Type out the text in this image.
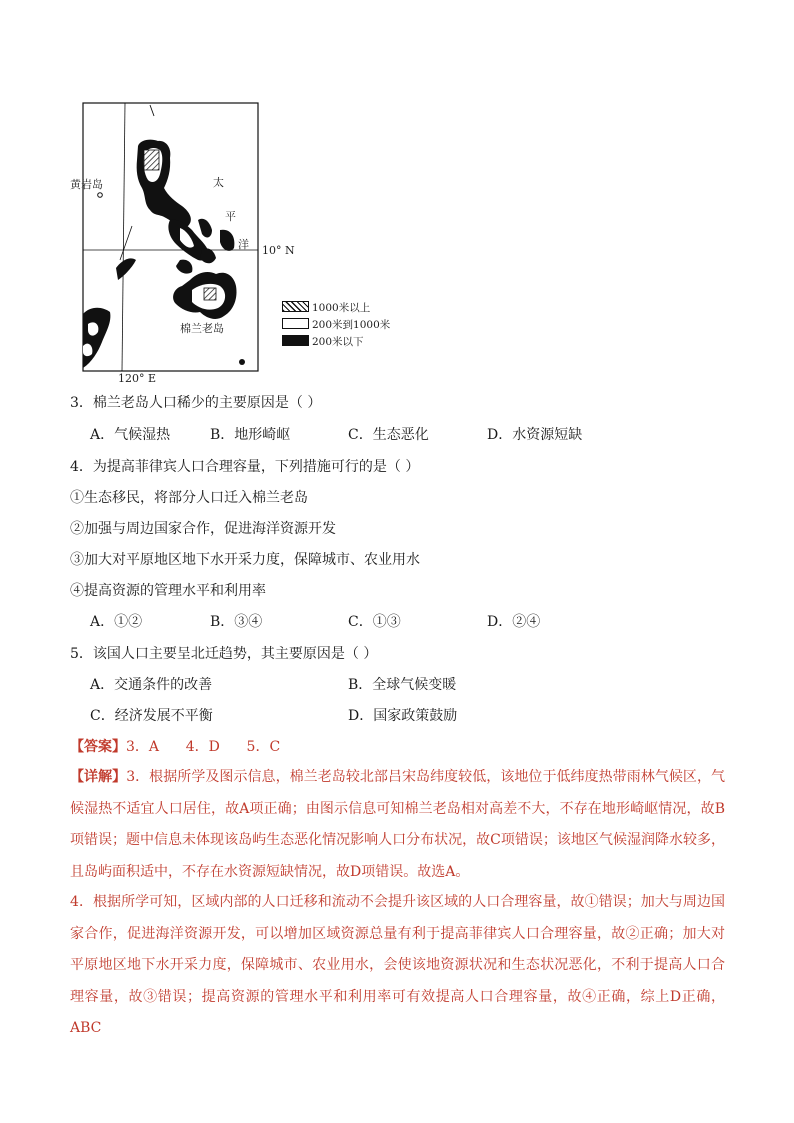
黄岩岛	太
平
洋 10° N
棉兰老岛
120° E
1000米以上
200米到1000米
200米以下
3．棉兰老岛人口稀少的主要原因是（ ）
A．气候湿热	B．地形崎岖	C．生态恶化	D．水资源短缺
4．为提高菲律宾人口合理容量，下列措施可行的是（ ）
①生态移民，将部分人口迁入棉兰老岛
②加强与周边国家合作，促进海洋资源开发
③加大对平原地区地下水开采力度，保障城市、农业用水
④提高资源的管理水平和利用率
A．①②	B．③④	C．①③	D．②④
5．该国人口主要呈北迁趋势，其主要原因是（ ）
A．交通条件的改善	B．全球气候变暖
C．经济发展不平衡	D．国家政策鼓励
【答案】3．A      4．D      5．C
【详解】3．根据所学及图示信息，棉兰老岛较北部吕宋岛纬度较低，该地位于低纬度热带雨林气候区，气候湿热不适宜人口居住，故A项正确；由图示信息可知棉兰老岛相对高差不大，不存在地形崎岖情况，故B项错误；题中信息未体现该岛屿生态恶化情况影响人口分布状况，故C项错误；该地区气候湿润降水较多，且岛屿面积适中，不存在水资源短缺情况，故D项错误。故选A。
4．根据所学可知，区域内部的人口迁移和流动不会提升该区域的人口合理容量，故①错误；加大与周边国家合作，促进海洋资源开发，可以增加区域资源总量有利于提高菲律宾人口合理容量，故②正确；加大对平原地区地下水开采力度，保障城市、农业用水，会使该地资源状况和生态状况恶化，不利于提高人口合理容量，故③错误；提高资源的管理水平和利用率可有效提高人口合理容量，故④正确，综上D正确，ABC
